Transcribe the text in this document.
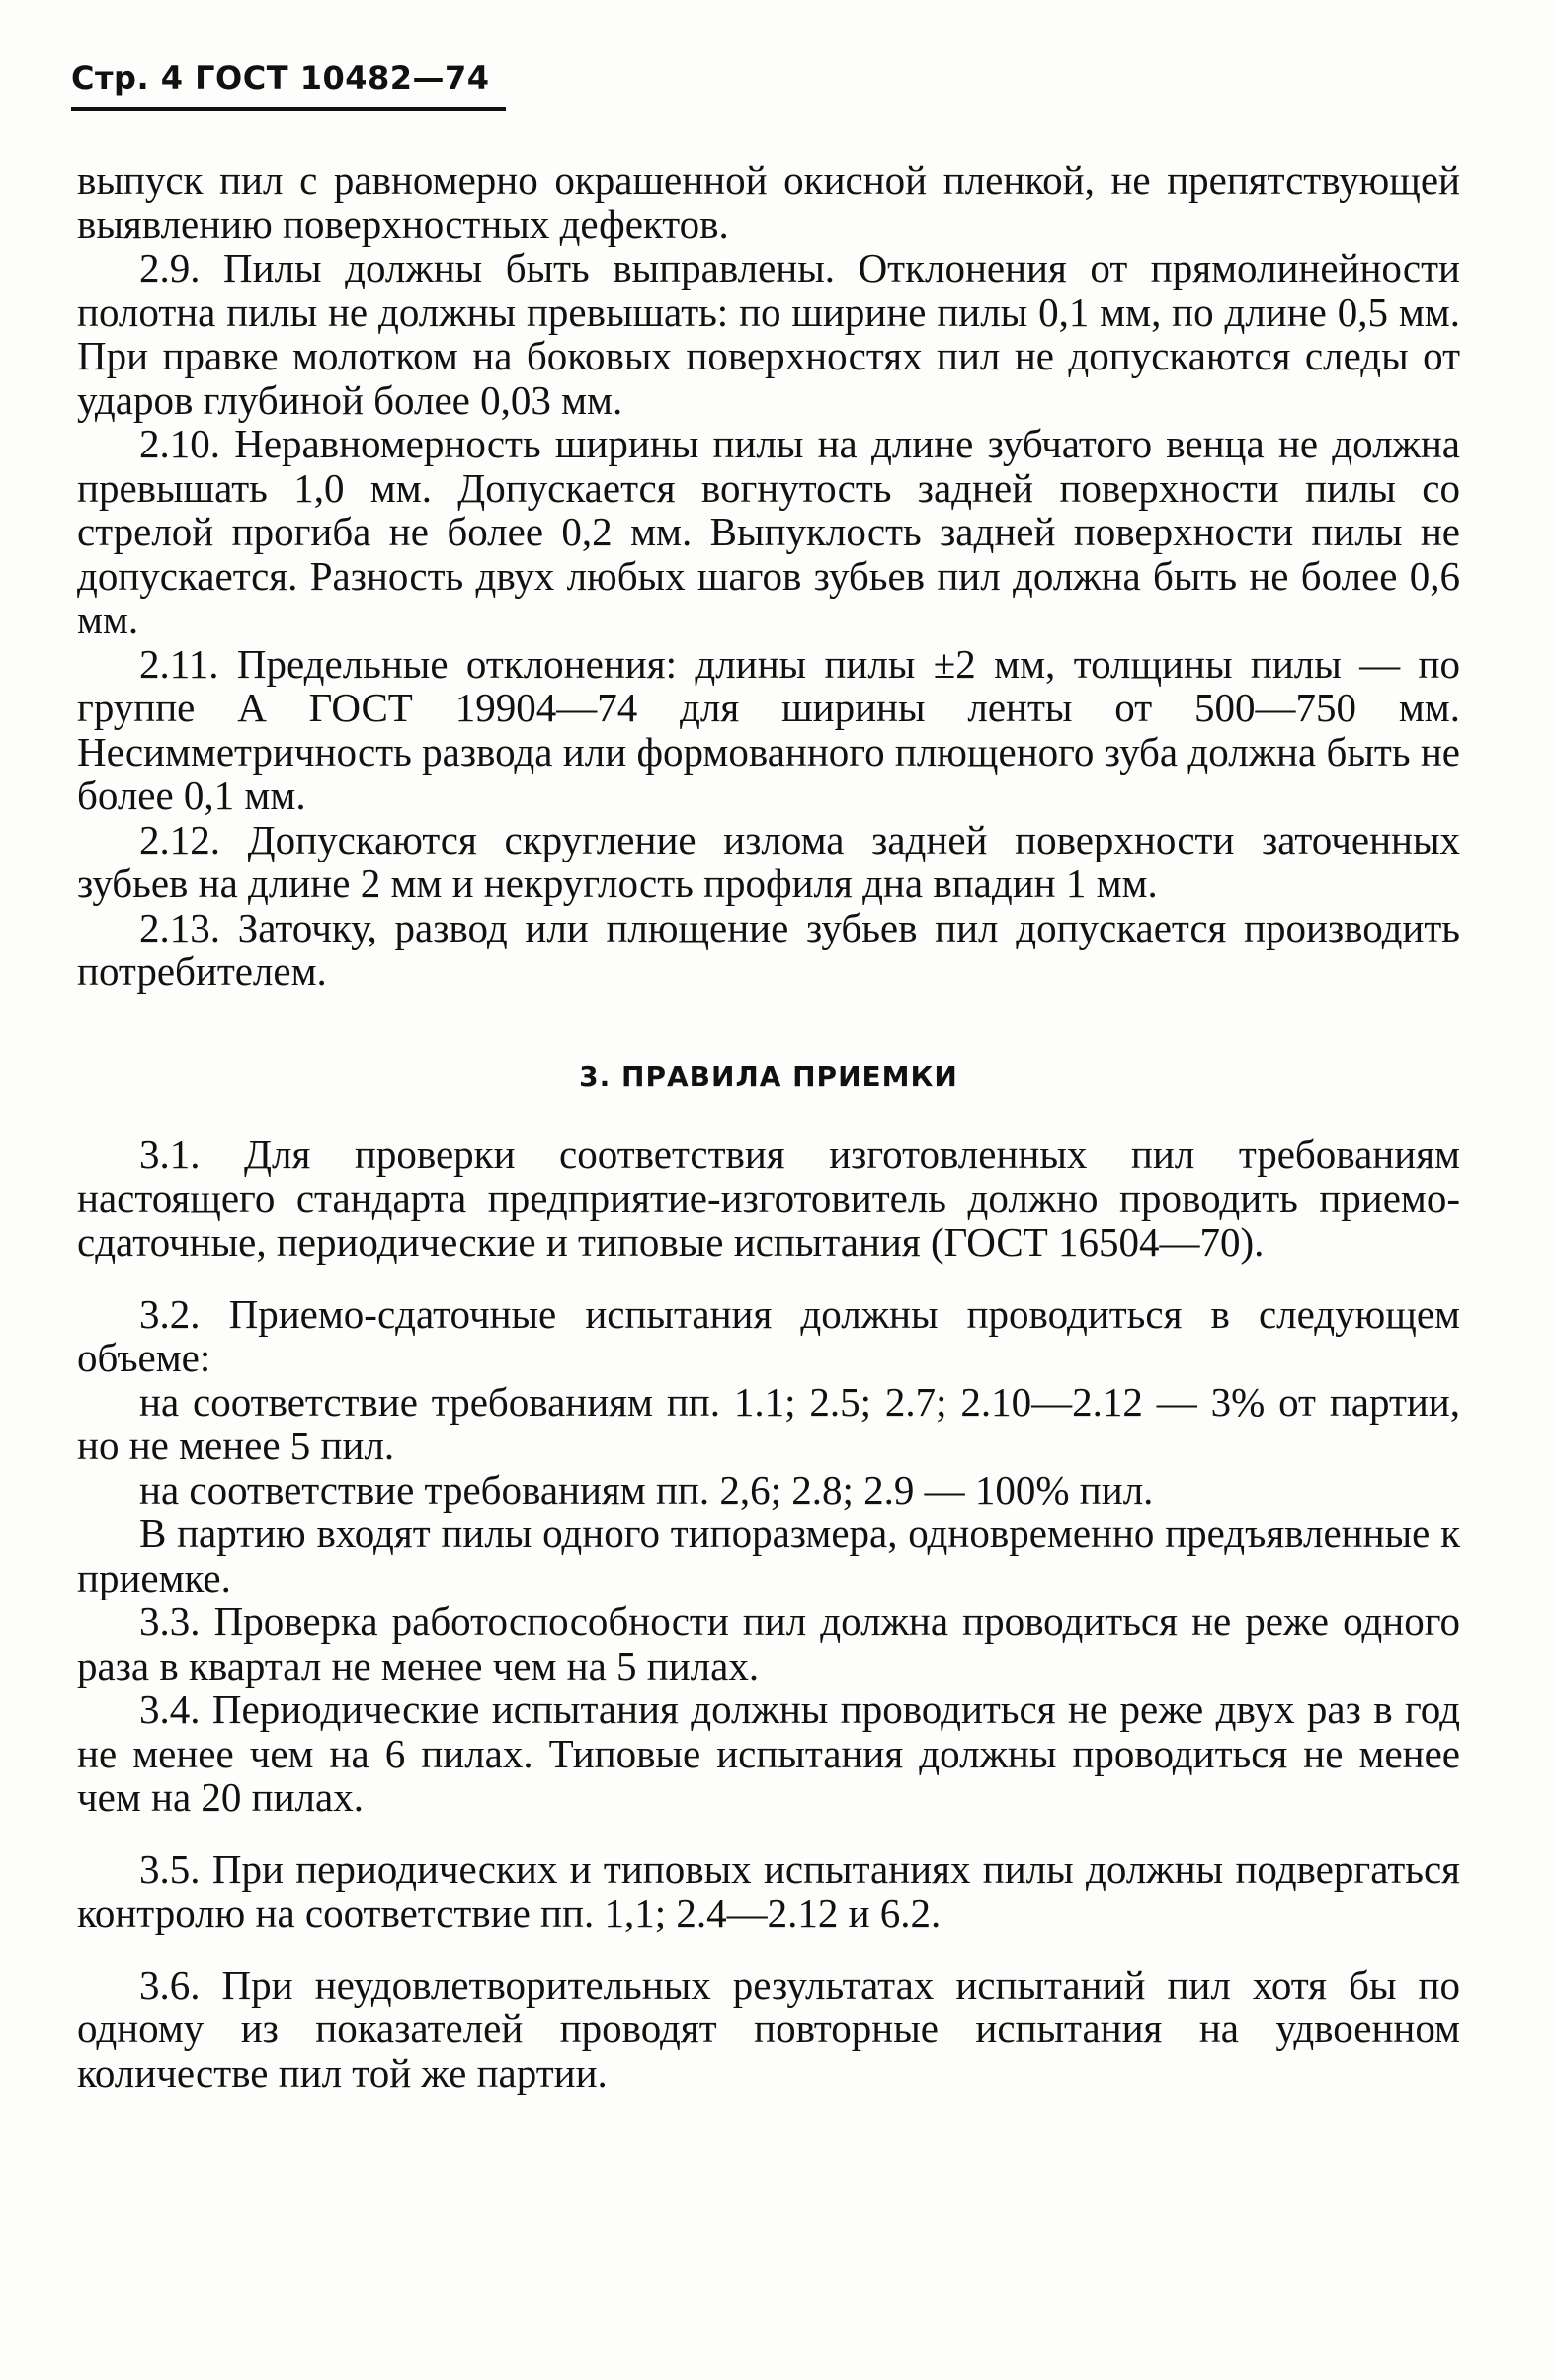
Стр. 4 ГОСТ 10482—74

выпуск пил с равномерно окрашенной окисной пленкой, не препятствующей выявлению поверхностных дефектов.

2.9. Пилы должны быть выправлены. Отклонения от прямолинейности полотна пилы не должны превышать: по ширине пилы 0,1 мм, по длине 0,5 мм. При правке молотком на боковых поверхностях пил не допускаются следы от ударов глубиной более 0,03 мм.

2.10. Неравномерность ширины пилы на длине зубчатого венца не должна превышать 1,0 мм. Допускается вогнутость задней поверхности пилы со стрелой прогиба не более 0,2 мм. Выпуклость задней поверхности пилы не допускается. Разность двух любых шагов зубьев пил должна быть не более 0,6 мм.

2.11. Предельные отклонения: длины пилы ±2 мм, толщины пилы — по группе А ГОСТ 19904—74 для ширины ленты от 500—750 мм. Несимметричность развода или формованного плющеного зуба должна быть не более 0,1 мм.

2.12. Допускаются скругление излома задней поверхности заточенных зубьев на длине 2 мм и некруглость профиля дна впадин 1 мм.

2.13. Заточку, развод или плющение зубьев пил допускается производить потребителем.

3. ПРАВИЛА ПРИЕМКИ

3.1. Для проверки соответствия изготовленных пил требованиям настоящего стандарта предприятие-изготовитель должно проводить приемо-сдаточные, периодические и типовые испытания (ГОСТ 16504—70).

3.2. Приемо-сдаточные испытания должны проводиться в следующем объеме:

на соответствие требованиям пп. 1.1; 2.5; 2.7; 2.10—2.12 — 3% от партии, но не менее 5 пил.

на соответствие требованиям пп. 2,6; 2.8; 2.9 — 100% пил.

В партию входят пилы одного типоразмера, одновременно предъявленные к приемке.

3.3. Проверка работоспособности пил должна проводиться не реже одного раза в квартал не менее чем на 5 пилах.

3.4. Периодические испытания должны проводиться не реже двух раз в год не менее чем на 6 пилах. Типовые испытания должны проводиться не менее чем на 20 пилах.

3.5. При периодических и типовых испытаниях пилы должны подвергаться контролю на соответствие пп. 1,1; 2.4—2.12 и 6.2.

3.6. При неудовлетворительных результатах испытаний пил хотя бы по одному из показателей проводят повторные испытания на удвоенном количестве пил той же партии.
